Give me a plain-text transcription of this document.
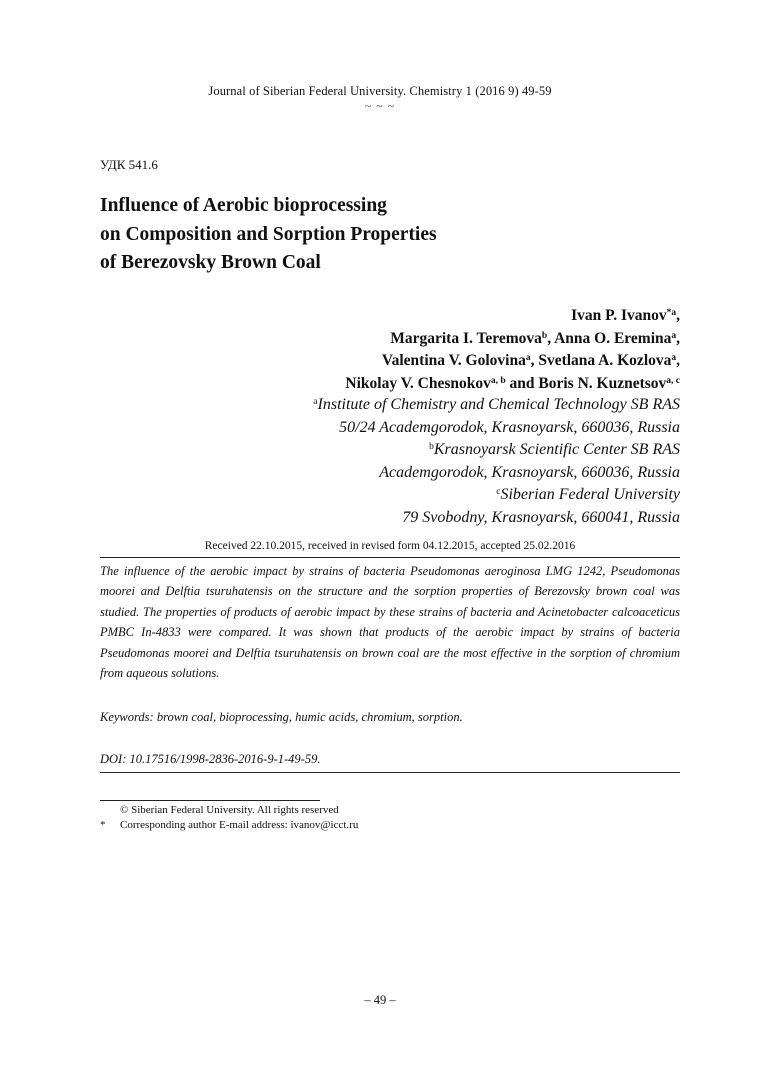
Journal of Siberian Federal University. Chemistry 1 (2016 9) 49-59
~ ~ ~
УДК 541.6
Influence of Aerobic bioprocessing
on Composition and Sorption Properties
of Berezovsky Brown Coal
Ivan P. Ivanov$^{*a}$,
Margarita I. Teremova$^b$, Anna O. Eremina$^a$,
Valentina V. Golovina$^a$, Svetlana A. Kozlova$^a$,
Nikolay V. Chesnokov$^{a, b}$ and Boris N. Kuznetsov$^{a, c}$
$^a$Institute of Chemistry and Chemical Technology SB RAS
50/24 Academgorodok, Krasnoyarsk, 660036, Russia
$^b$Krasnoyarsk Scientific Center SB RAS
Academgorodok, Krasnoyarsk, 660036, Russia
$^c$Siberian Federal University
79 Svobodny, Krasnoyarsk, 660041, Russia
Received 22.10.2015, received in revised form 04.12.2015, accepted 25.02.2016

The influence of the aerobic impact by strains of bacteria Pseudomonas aeroginosa LMG 1242, Pseudomonas moorei and Delftia tsuruhatensis on the structure and the sorption properties of Berezovsky brown coal was studied. The properties of products of aerobic impact by these strains of bacteria and Acinetobacter calcoaceticus PMBC In-4833 were compared. It was shown that products of the aerobic impact by strains of bacteria Pseudomonas moorei and Delftia tsuruhatensis on brown coal are the most effective in the sorption of chromium from aqueous solutions.

Keywords: brown coal, bioprocessing, humic acids, chromium, sorption.

DOI: 10.17516/1998-2836-2016-9-1-49-59.

© Siberian Federal University. All rights reserved
* Corresponding author E-mail address: ivanov@icct.ru
– 49 –
